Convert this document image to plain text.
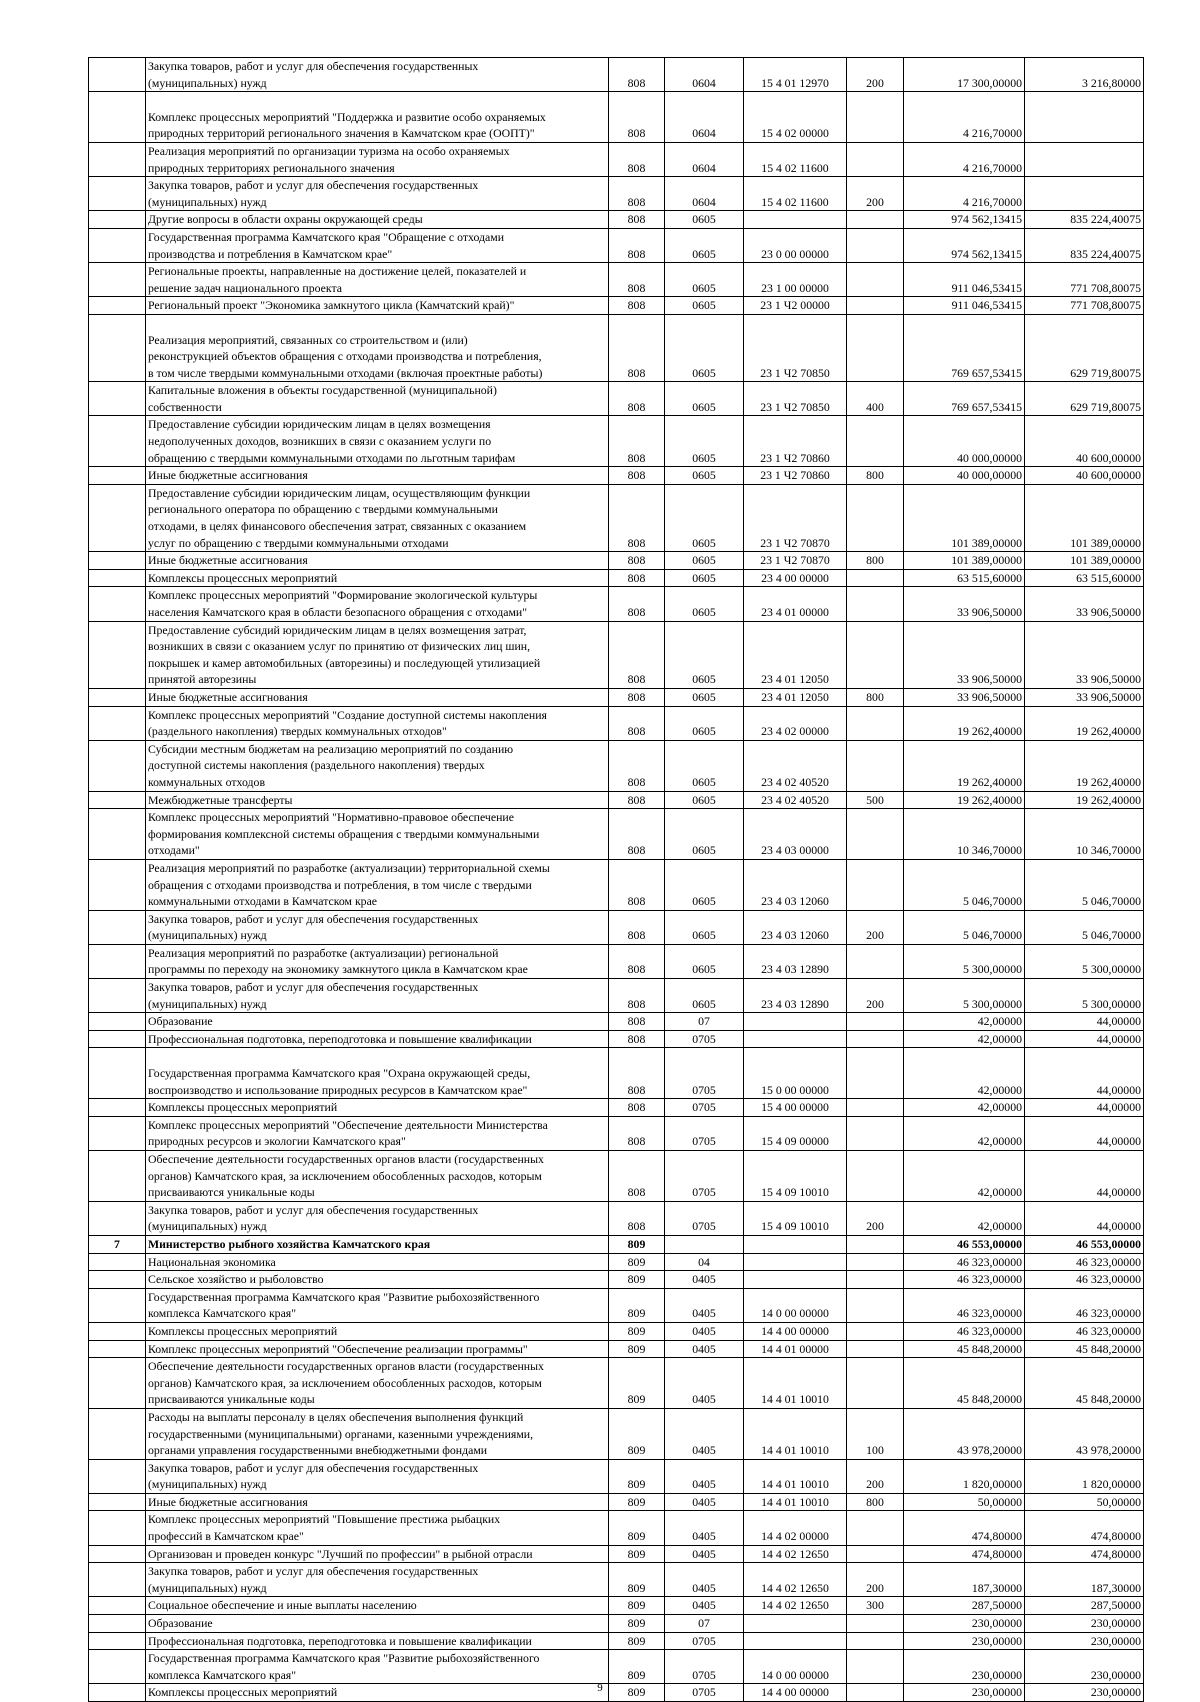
	Закупка товаров, работ и услуг для обеспечения государственных
(муниципальных) нужд	808	0604	15 4 01 12970	200	17 300,00000	3 216,80000

	Комплекс процессных мероприятий "Поддержка и развитие особо охраняемых
природных территорий регионального значения в Камчатском крае (ООПТ)"	808	0604	15 4 02 00000		4 216,70000	

	Реализация мероприятий по организации туризма на особо охраняемых
природных территориях регионального значения	808	0604	15 4 02 11600		4 216,70000	

	Закупка товаров, работ и услуг для обеспечения государственных
(муниципальных) нужд	808	0604	15 4 02 11600	200	4 216,70000	

	Другие вопросы в области охраны окружающей среды	808	0605			974 562,13415	835 224,40075

	Государственная программа Камчатского края "Обращение с отходами
производства и потребления в Камчатском крае"	808	0605	23 0 00 00000		974 562,13415	835 224,40075

	Региональные проекты, направленные на достижение целей, показателей и
решение задач национального проекта	808	0605	23 1 00 00000		911 046,53415	771 708,80075

	Региональный проект "Экономика замкнутого цикла (Камчатский край)"	808	0605	23 1 Ч2 00000		911 046,53415	771 708,80075

	Реализация мероприятий, связанных со строительством и (или)
реконструкцией объектов обращения с отходами производства и потребления,
в том числе твердыми коммунальными отходами (включая проектные работы)	808	0605	23 1 Ч2 70850		769 657,53415	629 719,80075

	Капитальные вложения в объекты государственной (муниципальной)
собственности	808	0605	23 1 Ч2 70850	400	769 657,53415	629 719,80075

	Предоставление субсидии юридическим лицам в целях возмещения
недополученных доходов, возникших в связи с оказанием услуги по
обращению с твердыми коммунальными отходами по льготным тарифам	808	0605	23 1 Ч2 70860		40 000,00000	40 600,00000

	Иные бюджетные ассигнования	808	0605	23 1 Ч2 70860	800	40 000,00000	40 600,00000

	Предоставление субсидии юридическим лицам, осуществляющим функции
регионального оператора по обращению с твердыми коммунальными
отходами, в целях финансового обеспечения затрат, связанных с оказанием
услуг по обращению с твердыми коммунальными отходами	808	0605	23 1 Ч2 70870		101 389,00000	101 389,00000

	Иные бюджетные ассигнования	808	0605	23 1 Ч2 70870	800	101 389,00000	101 389,00000

	Комплексы процессных мероприятий	808	0605	23 4 00 00000		63 515,60000	63 515,60000

	Комплекс процессных мероприятий "Формирование экологической культуры
населения Камчатского края в области безопасного обращения с отходами"	808	0605	23 4 01 00000		33 906,50000	33 906,50000

	Предоставление субсидий юридическим лицам в целях возмещения затрат,
возникших в связи с оказанием услуг по принятию от физических лиц шин,
покрышек и камер автомобильных (авторезины) и последующей утилизацией
принятой авторезины	808	0605	23 4 01 12050		33 906,50000	33 906,50000

	Иные бюджетные ассигнования	808	0605	23 4 01 12050	800	33 906,50000	33 906,50000

	Комплекс процессных мероприятий "Создание доступной системы накопления
(раздельного накопления) твердых коммунальных отходов"	808	0605	23 4 02 00000		19 262,40000	19 262,40000

	Субсидии местным бюджетам на реализацию мероприятий по созданию
доступной системы накопления (раздельного накопления) твердых
коммунальных отходов	808	0605	23 4 02 40520		19 262,40000	19 262,40000

	Межбюджетные трансферты	808	0605	23 4 02 40520	500	19 262,40000	19 262,40000

	Комплекс процессных мероприятий "Нормативно-правовое обеспечение
формирования комплексной системы обращения с твердыми коммунальными
отходами"	808	0605	23 4 03 00000		10 346,70000	10 346,70000

	Реализация мероприятий по разработке (актуализации) территориальной схемы
обращения с отходами производства и потребления, в том числе с твердыми
коммунальными отходами в Камчатском крае	808	0605	23 4 03 12060		5 046,70000	5 046,70000

	Закупка товаров, работ и услуг для обеспечения государственных
(муниципальных) нужд	808	0605	23 4 03 12060	200	5 046,70000	5 046,70000

	Реализация мероприятий по разработке (актуализации) региональной
программы по переходу на экономику замкнутого цикла в Камчатском крае	808	0605	23 4 03 12890		5 300,00000	5 300,00000

	Закупка товаров, работ и услуг для обеспечения государственных
(муниципальных) нужд	808	0605	23 4 03 12890	200	5 300,00000	5 300,00000

	Образование	808	07			42,00000	44,00000

	Профессиональная подготовка, переподготовка и повышение квалификации	808	0705			42,00000	44,00000

	Государственная программа Камчатского края "Охрана окружающей среды,
воспроизводство и использование природных ресурсов в Камчатском крае"	808	0705	15 0 00 00000		42,00000	44,00000

	Комплексы процессных мероприятий	808	0705	15 4 00 00000		42,00000	44,00000

	Комплекс процессных мероприятий "Обеспечение деятельности Министерства
природных ресурсов и экологии Камчатского края"	808	0705	15 4 09 00000		42,00000	44,00000

	Обеспечение деятельности государственных органов власти (государственных
органов) Камчатского края, за исключением обособленных расходов, которым
присваиваются уникальные коды	808	0705	15 4 09 10010		42,00000	44,00000

	Закупка товаров, работ и услуг для обеспечения государственных
(муниципальных) нужд	808	0705	15 4 09 10010	200	42,00000	44,00000
7	Министерство рыбного хозяйства Камчатского края	809				46 553,00000	46 553,00000

	Национальная экономика	809	04			46 323,00000	46 323,00000

	Сельское хозяйство и рыболовство	809	0405			46 323,00000	46 323,00000

	Государственная программа Камчатского края "Развитие рыбохозяйственного
комплекса Камчатского края"	809	0405	14 0 00 00000		46 323,00000	46 323,00000

	Комплексы процессных мероприятий	809	0405	14 4 00 00000		46 323,00000	46 323,00000

	Комплекс процессных мероприятий "Обеспечение реализации программы"	809	0405	14 4 01 00000		45 848,20000	45 848,20000

	Обеспечение деятельности государственных органов власти (государственных
органов) Камчатского края, за исключением обособленных расходов, которым
присваиваются уникальные коды	809	0405	14 4 01 10010		45 848,20000	45 848,20000

	Расходы на выплаты персоналу в целях обеспечения выполнения функций
государственными (муниципальными) органами, казенными учреждениями,
органами управления государственными внебюджетными фондами	809	0405	14 4 01 10010	100	43 978,20000	43 978,20000

	Закупка товаров, работ и услуг для обеспечения государственных
(муниципальных) нужд	809	0405	14 4 01 10010	200	1 820,00000	1 820,00000

	Иные бюджетные ассигнования	809	0405	14 4 01 10010	800	50,00000	50,00000

	Комплекс процессных мероприятий "Повышение престижа рыбацких
профессий в Камчатском крае"	809	0405	14 4 02 00000		474,80000	474,80000

	Организован и проведен конкурс "Лучший по профессии" в рыбной отрасли	809	0405	14 4 02 12650		474,80000	474,80000

	Закупка товаров, работ и услуг для обеспечения государственных
(муниципальных) нужд	809	0405	14 4 02 12650	200	187,30000	187,30000

	Социальное обеспечение и иные выплаты населению	809	0405	14 4 02 12650	300	287,50000	287,50000

	Образование	809	07			230,00000	230,00000

	Профессиональная подготовка, переподготовка и повышение квалификации	809	0705			230,00000	230,00000

	Государственная программа Камчатского края "Развитие рыбохозяйственного
комплекса Камчатского края"	809	0705	14 0 00 00000		230,00000	230,00000

	Комплексы процессных мероприятий	809	0705	14 4 00 00000		230,00000	230,00000
9
